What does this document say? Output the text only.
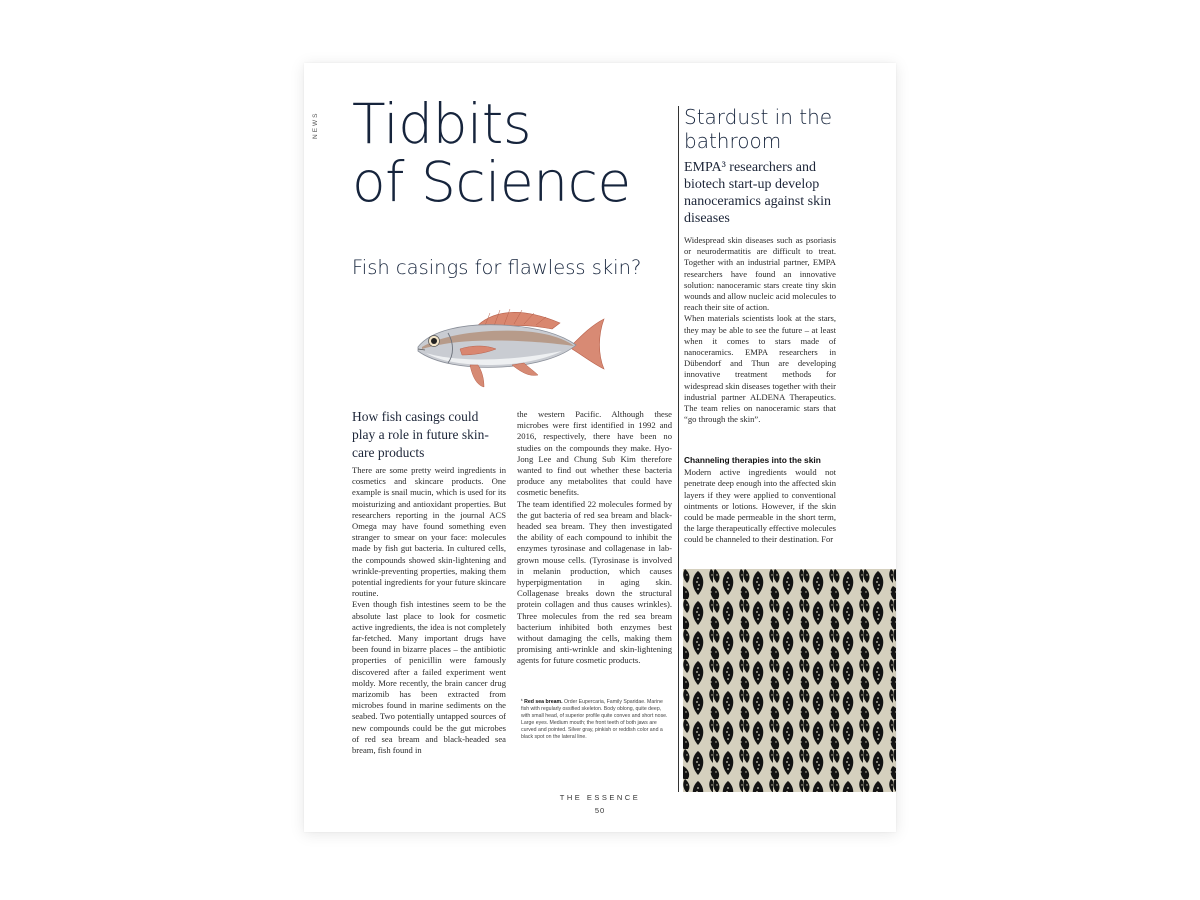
NEWS Tidbits
of Science
Fish casings for flawless skin?
How fish casings could play a role in future skin-care products

There are some pretty weird ingredients in cosmetics and skincare products. One example is snail mucin, which is used for its moisturizing and antioxidant properties. But researchers reporting in the journal ACS Omega may have found something even stranger to smear on your face: molecules made by fish gut bacteria. In cultured cells, the compounds showed skin-lightening and wrinkle-preventing properties, making them potential ingredients for your future skincare routine.

Even though fish intestines seem to be the absolute last place to look for cosmetic active ingredients, the idea is not completely far-fetched. Many important drugs have been found in bizarre places – the antibiotic properties of penicillin were famously discovered after a failed experiment went moldy. More recently, the brain cancer drug marizomib has been extracted from microbes found in marine sediments on the seabed. Two potentially untapped sources of new compounds could be the gut microbes of red sea bream and black-headed sea bream, fish found in

the western Pacific. Although these microbes were first identified in 1992 and 2016, respectively, there have been no studies on the compounds they make. Hyo-Jong Lee and Chung Sub Kim therefore wanted to find out whether these bacteria produce any metabolites that could have cosmetic benefits.

The team identified 22 molecules formed by the gut bacteria of red sea bream and black-headed sea bream. They then investigated the ability of each compound to inhibit the enzymes tyrosinase and collagenase in lab-grown mouse cells. (Tyrosinase is involved in melanin production, which causes hyperpigmentation in aging skin. Collagenase breaks down the structural protein collagen and thus causes wrinkles). Three molecules from the red sea bream bacterium inhibited both enzymes best without damaging the cells, making them promising anti-wrinkle and skin-lightening agents for future cosmetic products.

¹ Red sea bream. Order Eupercaria, Family Sparidae. Marine fish with regularly ossified skeleton. Body oblong, quite deep, with small head, of superior profile quite convex and short nose. Large eyes. Medium mouth; the front teeth of both jaws are curved and pointed. Silver gray, pinkish or reddish color and a black spot on the lateral line.
Stardust in the bathroom
EMPA³ researchers and biotech start-up develop nanoceramics against skin diseases

Widespread skin diseases such as psoriasis or neurodermatitis are difficult to treat. Together with an industrial partner, EMPA researchers have found an innovative solution: nanoceramic stars create tiny skin wounds and allow nucleic acid molecules to reach their site of action.

When materials scientists look at the stars, they may be able to see the future – at least when it comes to stars made of nanoceramics. EMPA researchers in Dübendorf and Thun are developing innovative treatment methods for widespread skin diseases together with their industrial partner ALDENA Therapeutics. The team relies on nanoceramic stars that “go through the skin”.

Channeling therapies into the skin

Modern active ingredients would not penetrate deep enough into the affected skin layers if they were applied to conventional ointments or lotions. However, if the skin could be made permeable in the short term, the large therapeutically effective molecules could be channeled to their destination. For

THE ESSENCE
50
